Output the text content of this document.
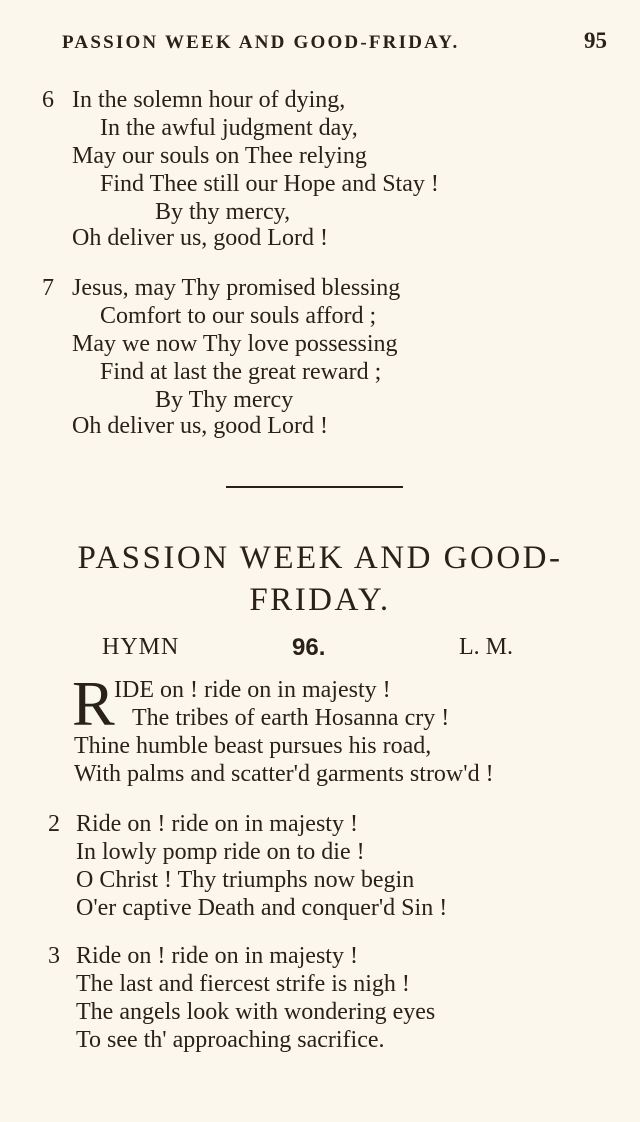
PASSION WEEK AND GOOD-FRIDAY.	95
6 In the solemn hour of dying,
In the awful judgment day,
May our souls on Thee relying
Find Thee still our Hope and Stay !
By thy mercy,
Oh deliver us, good Lord !
7 Jesus, may Thy promised blessing
Comfort to our souls afford ;
May we now Thy love possessing
Find at last the great reward ;
By Thy mercy
Oh deliver us, good Lord !
PASSION WEEK AND GOOD-
FRIDAY.
HYMN	96.	L. M.
R IDE on ! ride on in majesty !
The tribes of earth Hosanna cry !
Thine humble beast pursues his road,
With palms and scatter'd garments strow'd !
2 Ride on ! ride on in majesty !
In lowly pomp ride on to die !
O Christ ! Thy triumphs now begin
O'er captive Death and conquer'd Sin !
3 Ride on ! ride on in majesty !
The last and fiercest strife is nigh !
The angels look with wondering eyes
To see th' approaching sacrifice.
